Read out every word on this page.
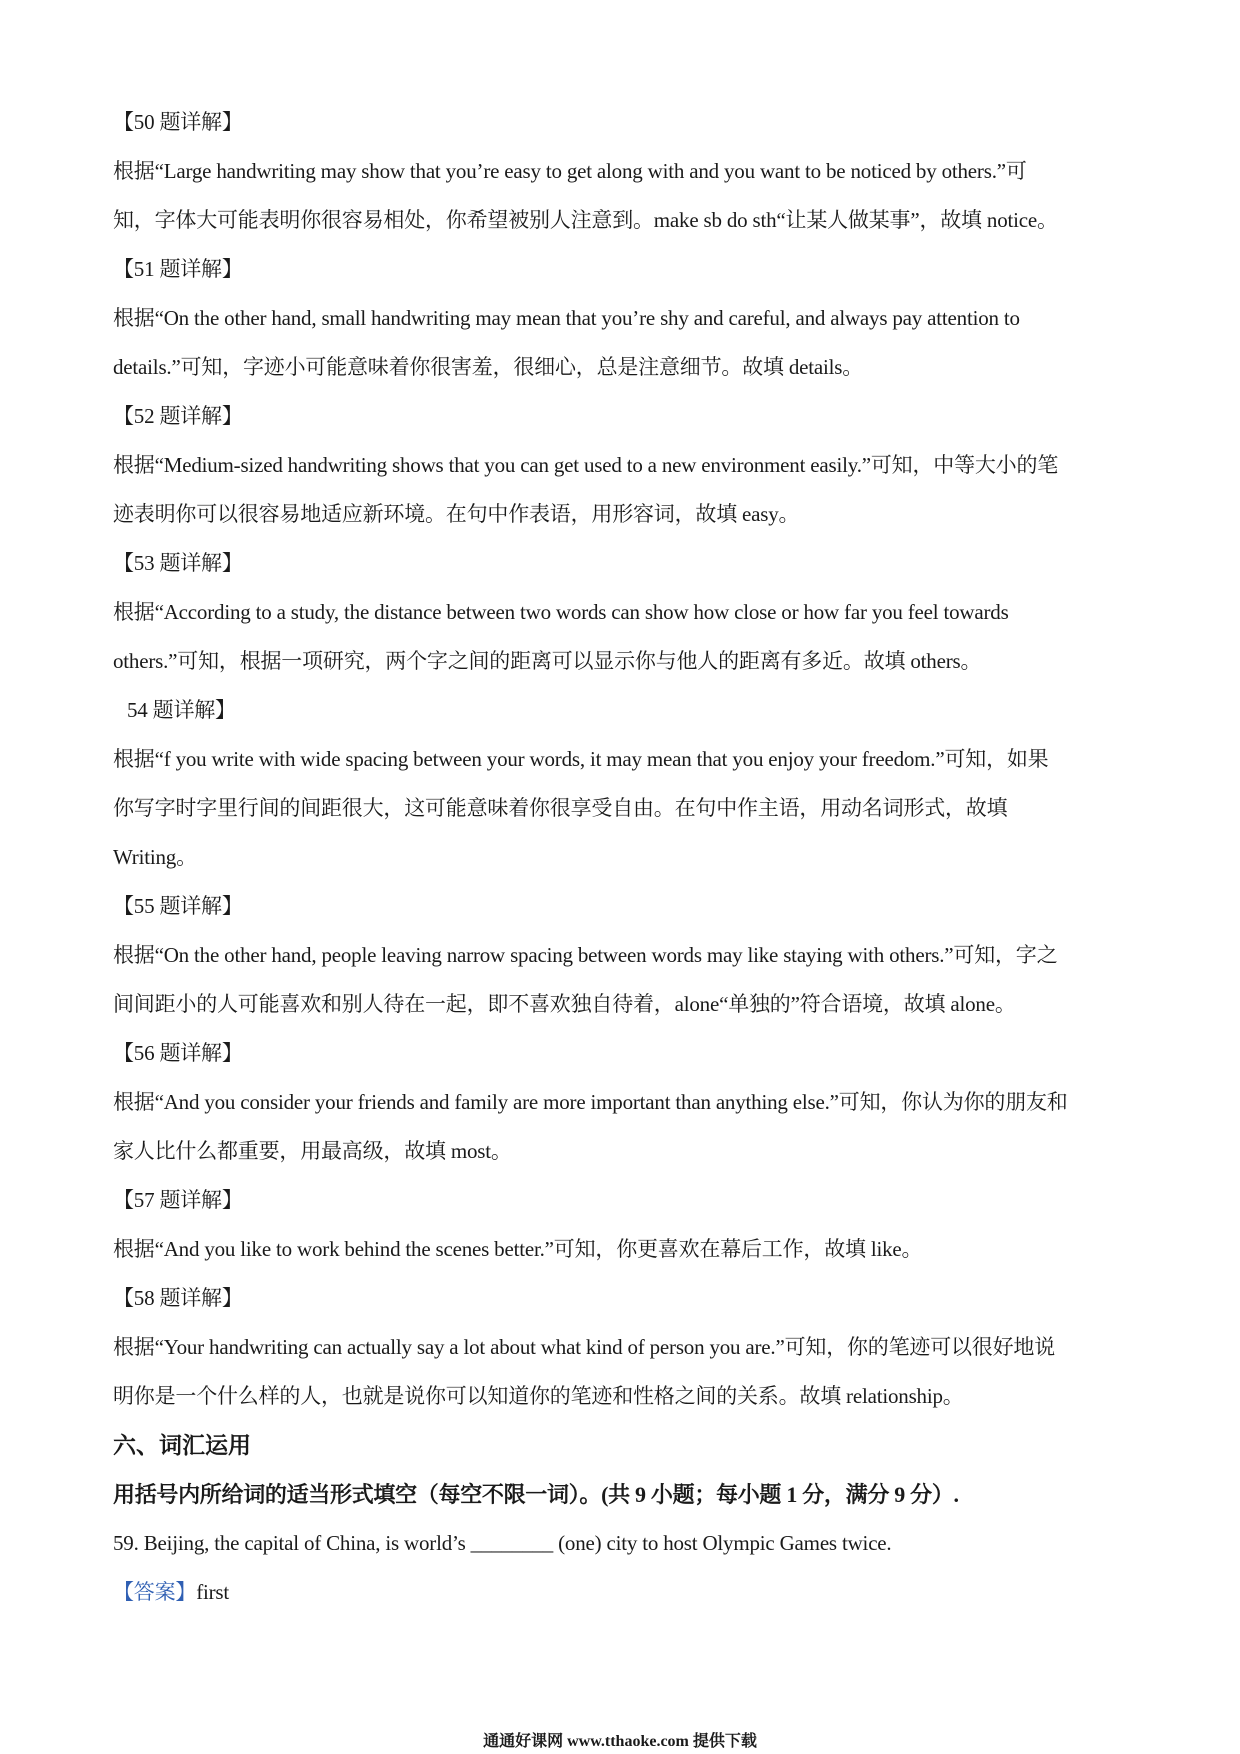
【50 题详解】
根据“Large handwriting may show that you’re easy to get along with and you want to be noticed by others.”可
知，字体大可能表明你很容易相处，你希望被别人注意到。make sb do sth“让某人做某事”，故填 notice。
【51 题详解】
根据“On the other hand, small handwriting may mean that you’re shy and careful, and always pay attention to
details.”可知，字迹小可能意味着你很害羞，很细心，总是注意细节。故填 details。
【52 题详解】
根据“Medium-sized handwriting shows that you can get used to a new environment easily.”可知，中等大小的笔
迹表明你可以很容易地适应新环境。在句中作表语，用形容词，故填 easy。
【53 题详解】
根据“According to a study, the distance between two words can show how close or how far you feel towards
others.”可知，根据一项研究，两个字之间的距离可以显示你与他人的距离有多近。故填 others。
54 题详解】
根据“f you write with wide spacing between your words, it may mean that you enjoy your freedom.”可知，如果
你写字时字里行间的间距很大，这可能意味着你很享受自由。在句中作主语，用动名词形式，故填
Writing。
【55 题详解】
根据“On the other hand, people leaving narrow spacing between words may like staying with others.”可知，字之
间间距小的人可能喜欢和别人待在一起，即不喜欢独自待着，alone“单独的”符合语境，故填 alone。
【56 题详解】
根据“And you consider your friends and family are more important than anything else.”可知，你认为你的朋友和
家人比什么都重要，用最高级，故填 most。
【57 题详解】
根据“And you like to work behind the scenes better.”可知，你更喜欢在幕后工作，故填 like。
【58 题详解】
根据“Your handwriting can actually say a lot about what kind of person you are.”可知，你的笔迹可以很好地说
明你是一个什么样的人，也就是说你可以知道你的笔迹和性格之间的关系。故填 relationship。
六、词汇运用
用括号内所给词的适当形式填空（每空不限一词）。(共 9 小题；每小题 1 分，满分 9 分）.
59. Beijing, the capital of China, is world’s ________ (one) city to host Olympic Games twice.
【答案】first
通通好课网 www.tthaoke.com 提供下载
